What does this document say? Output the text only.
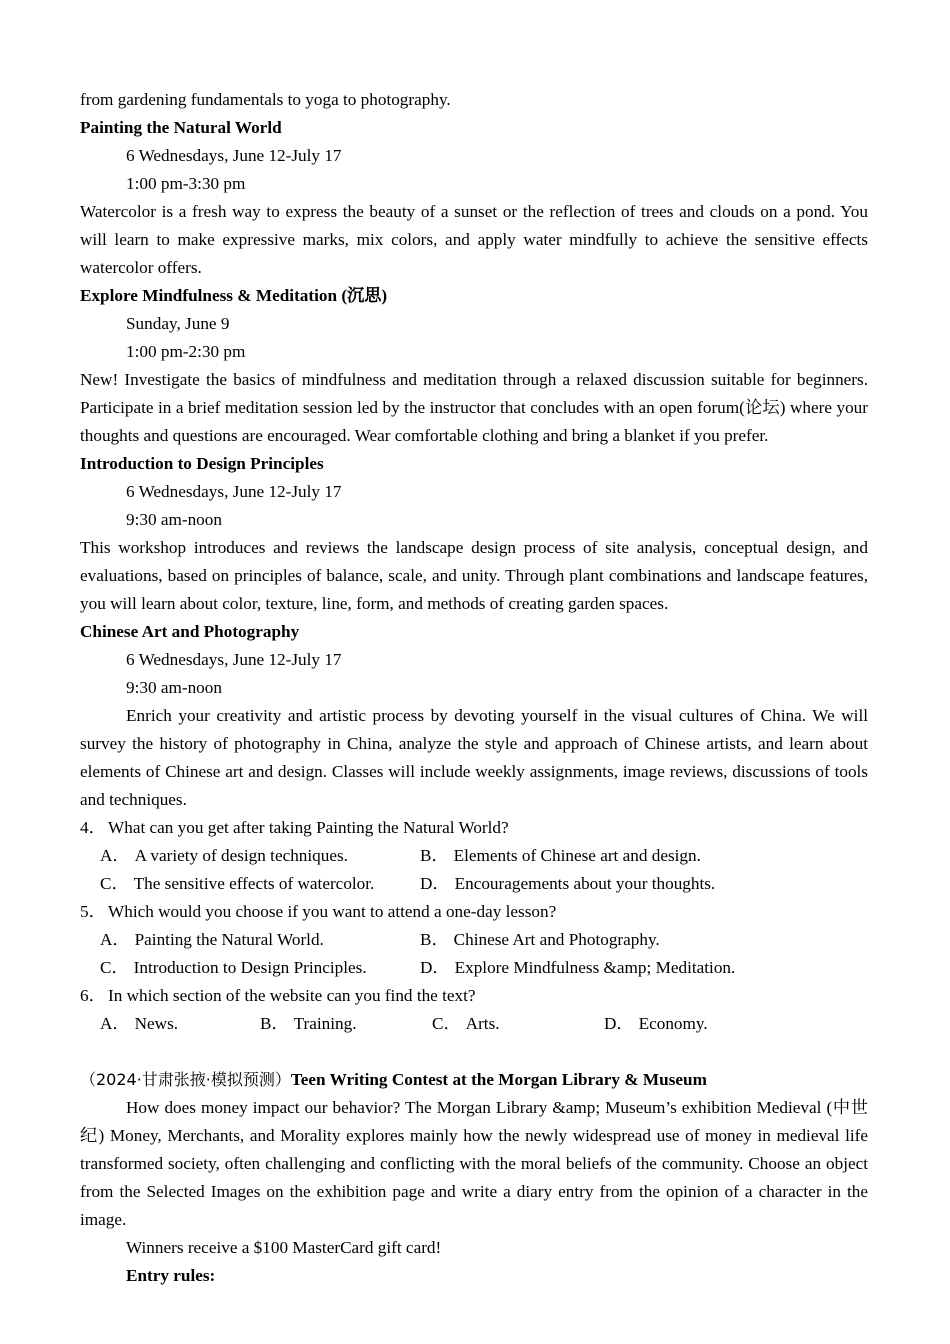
from gardening fundamentals to yoga to photography.

Painting the Natural World

6 Wednesdays, June 12-July 17

1:00 pm-3:30 pm

Watercolor is a fresh way to express the beauty of a sunset or the reflection of trees and clouds on a pond. You will learn to make expressive marks, mix colors, and apply water mindfully to achieve the sensitive effects watercolor offers.

Explore Mindfulness & Meditation (沉思)

Sunday, June 9

1:00 pm-2:30 pm

New! Investigate the basics of mindfulness and meditation through a relaxed discussion suitable for beginners. Participate in a brief meditation session led by the instructor that concludes with an open forum(论坛) where your thoughts and questions are encouraged. Wear comfortable clothing and bring a blanket if you prefer.

Introduction to Design Principles

6 Wednesdays, June 12-July 17

9:30 am-noon

This workshop introduces and reviews the landscape design process of site analysis, conceptual design, and evaluations, based on principles of balance, scale, and unity. Through plant combinations and landscape features, you will learn about color, texture, line, form, and methods of creating garden spaces.

Chinese Art and Photography

6 Wednesdays, June 12-July 17

9:30 am-noon

Enrich your creativity and artistic process by devoting yourself in the visual cultures of China. We will survey the history of photography in China, analyze the style and approach of Chinese artists, and learn about elements of Chinese art and design. Classes will include weekly assignments, image reviews, discussions of tools and techniques.

4． What can you get after taking Painting the Natural World?

A． A variety of design techniques.	B． Elements of Chinese art and design.
C． The sensitive effects of watercolor.	D． Encouragements about your thoughts.

5． Which would you choose if you want to attend a one-day lesson?

A． Painting the Natural World.	B． Chinese Art and Photography.
C． Introduction to Design Principles.	D． Explore Mindfulness &amp; Meditation.

6． In which section of the website can you find the text?

A． News.	B． Training.	C． Arts.	D． Economy.

（2024·甘肃张掖·模拟预测）Teen Writing Contest at the Morgan Library & Museum

How does money impact our behavior? The Morgan Library &amp; Museum’s exhibition Medieval (中世纪) Money, Merchants, and Morality explores mainly how the newly widespread use of money in medieval life transformed society, often challenging and conflicting with the moral beliefs of the community. Choose an object from the Selected Images on the exhibition page and write a diary entry from the opinion of a character in the image.

Winners receive a $100 MasterCard gift card!

Entry rules:
